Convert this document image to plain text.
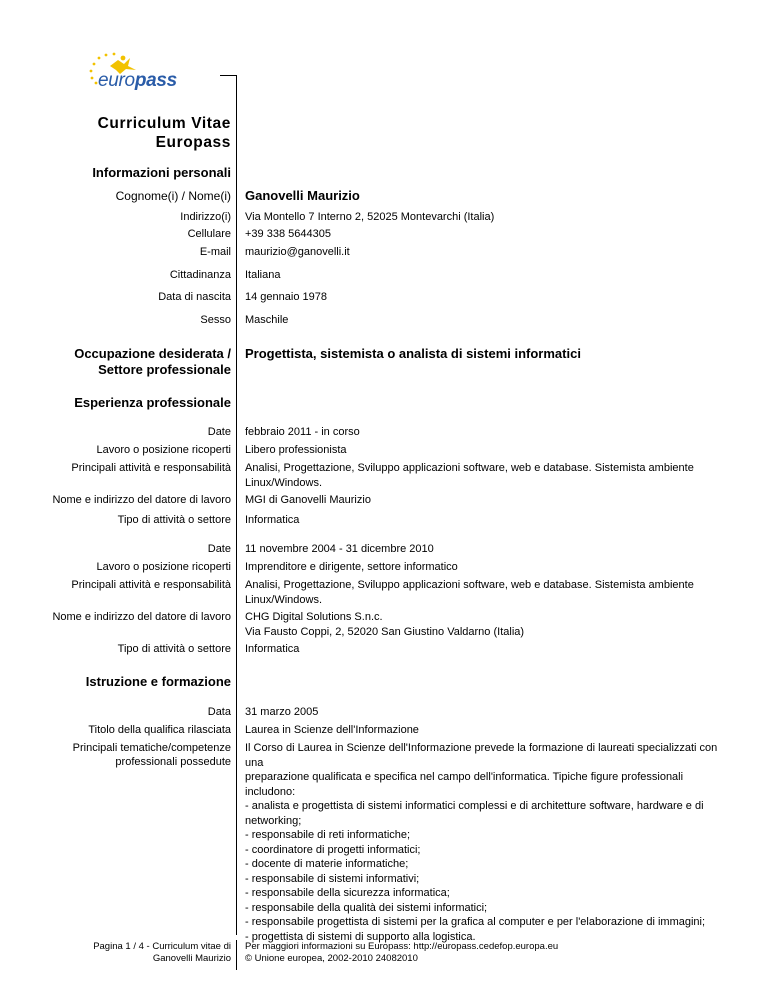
europass
Curriculum Vitae
Europass
Informazioni personali
Cognome(i) / Nome(i) Ganovelli Maurizio
Indirizzo(i) Via Montello 7 Interno 2, 52025 Montevarchi (Italia)
Cellulare +39 338 5644305
E-mail maurizio@ganovelli.it
Cittadinanza Italiana
Data di nascita 14 gennaio 1978
Sesso Maschile
Occupazione desiderata /
Settore professionale
Progettista, sistemista o analista di sistemi informatici
Esperienza professionale
Date febbraio 2011 - in corso
Lavoro o posizione ricoperti Libero professionista
Principali attività e responsabilità Analisi, Progettazione, Sviluppo applicazioni software, web e database. Sistemista ambiente
Linux/Windows.
Nome e indirizzo del datore di lavoro MGI di Ganovelli Maurizio
Tipo di attività o settore Informatica
Date 11 novembre 2004 - 31 dicembre 2010
Lavoro o posizione ricoperti Imprenditore e dirigente, settore informatico
Principali attività e responsabilità Analisi, Progettazione, Sviluppo applicazioni software, web e database. Sistemista ambiente
Linux/Windows.
Nome e indirizzo del datore di lavoro CHG Digital Solutions S.n.c.
Via Fausto Coppi, 2, 52020 San Giustino Valdarno (Italia)
Tipo di attività o settore Informatica
Istruzione e formazione
Data 31 marzo 2005
Titolo della qualifica rilasciata Laurea in Scienze dell'Informazione
Principali tematiche/competenze
professionali possedute
Il Corso di Laurea in Scienze dell'Informazione prevede la formazione di laureati specializzati con una
preparazione qualificata e specifica nel campo dell'informatica. Tipiche figure professionali includono:
- analista e progettista di sistemi informatici complessi e di architetture software, hardware e di
networking;
- responsabile di reti informatiche;
- coordinatore di progetti informatici;
- docente di materie informatiche;
- responsabile di sistemi informativi;
- responsabile della sicurezza informatica;
- responsabile della qualità dei sistemi informatici;
- responsabile progettista di sistemi per la grafica al computer e per l'elaborazione di immagini;
- progettista di sistemi di supporto alla logistica.
Pagina 1 / 4 - Curriculum vitae di
Ganovelli Maurizio
Per maggiori informazioni su Europass: http://europass.cedefop.europa.eu
© Unione europea, 2002-2010 24082010
